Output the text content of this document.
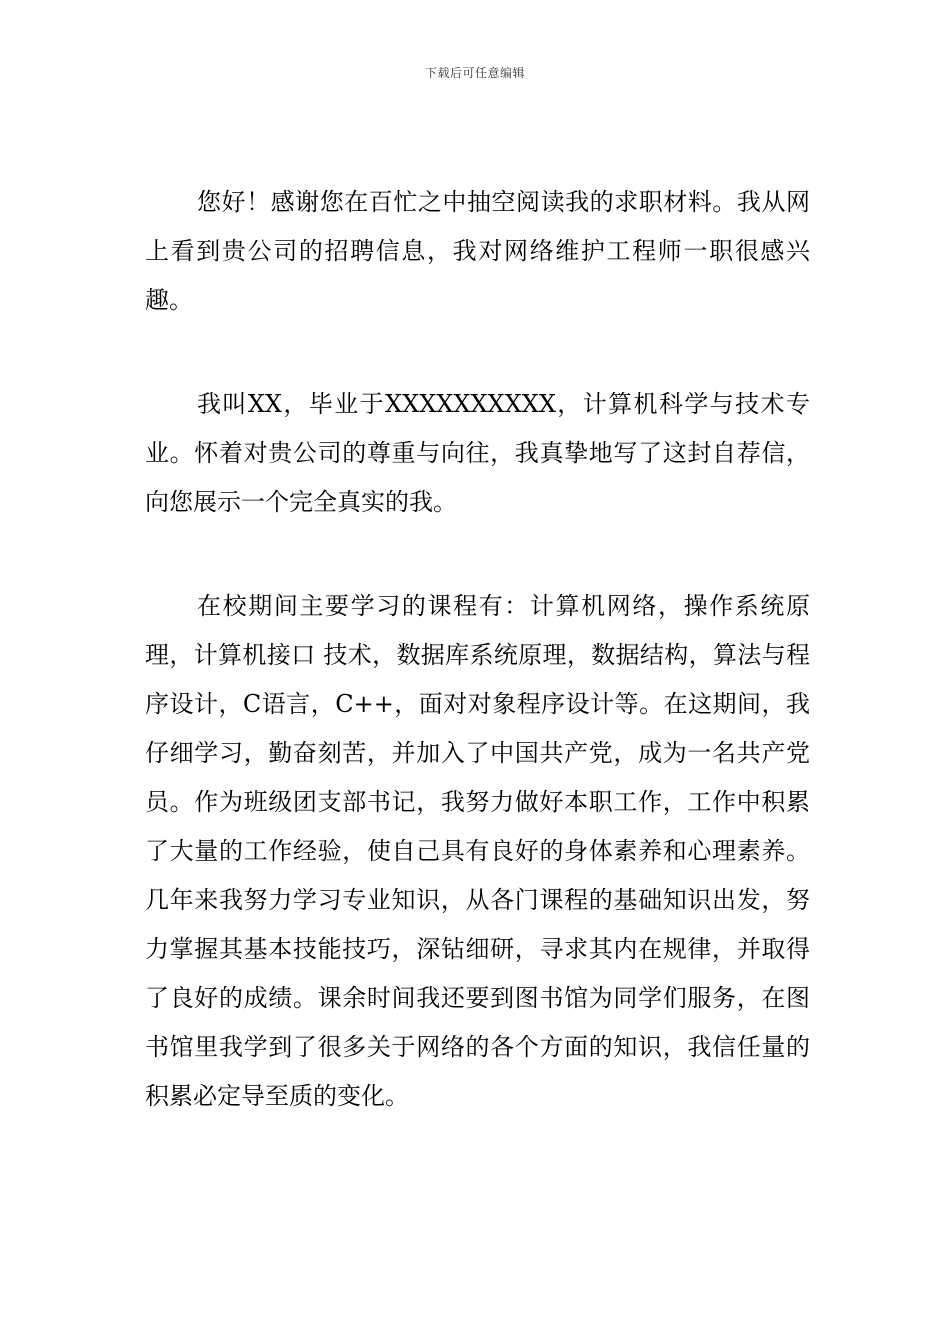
下载后可任意编辑

您好！感谢您在百忙之中抽空阅读我的求职材料。我从网上看到贵公司的招聘信息，我对网络维护工程师一职很感兴趣。

我叫XX，毕业于XXXXXXXXXX，计算机科学与技术专业。怀着对贵公司的尊重与向往，我真挚地写了这封自荐信，向您展示一个完全真实的我。

在校期间主要学习的课程有：计算机网络，操作系统原理，计算机接口 技术，数据库系统原理，数据结构，算法与程序设计，C语言，C++，面对对象程序设计等。在这期间，我仔细学习，勤奋刻苦，并加入了中国共产党，成为一名共产党员。作为班级团支部书记，我努力做好本职工作，工作中积累了大量的工作经验，使自己具有良好的身体素养和心理素养。几年来我努力学习专业知识，从各门课程的基础知识出发，努力掌握其基本技能技巧，深钻细研，寻求其内在规律，并取得了良好的成绩。课余时间我还要到图书馆为同学们服务，在图书馆里我学到了很多关于网络的各个方面的知识，我信任量的积累必定导至质的变化。
